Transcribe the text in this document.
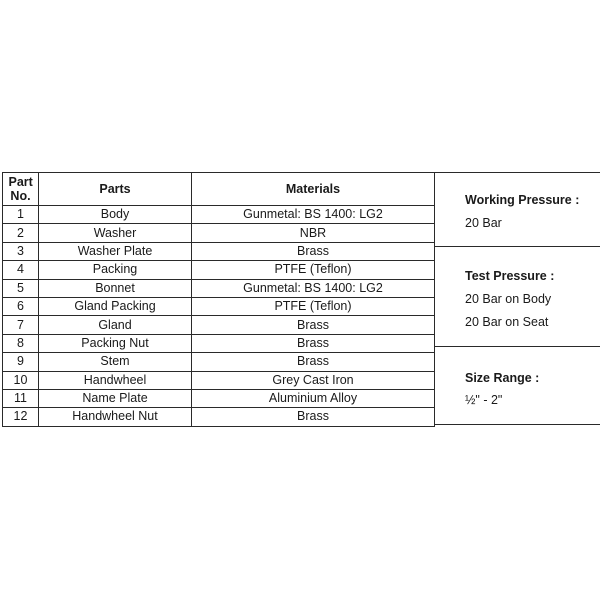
Part No.	Parts	Materials
1	Body	Gunmetal: BS 1400: LG2
2	Washer	NBR
3	Washer Plate	Brass
4	Packing	PTFE (Teflon)
5	Bonnet	Gunmetal: BS 1400: LG2
6	Gland Packing	PTFE (Teflon)
7	Gland	Brass
8	Packing Nut	Brass
9	Stem	Brass
10	Handwheel	Grey Cast Iron
11	Name Plate	Aluminium Alloy
12	Handwheel Nut	Brass
Working Pressure :
20 Bar
Test Pressure :
20 Bar on Body
20 Bar on Seat
Size Range :
½" - 2"
